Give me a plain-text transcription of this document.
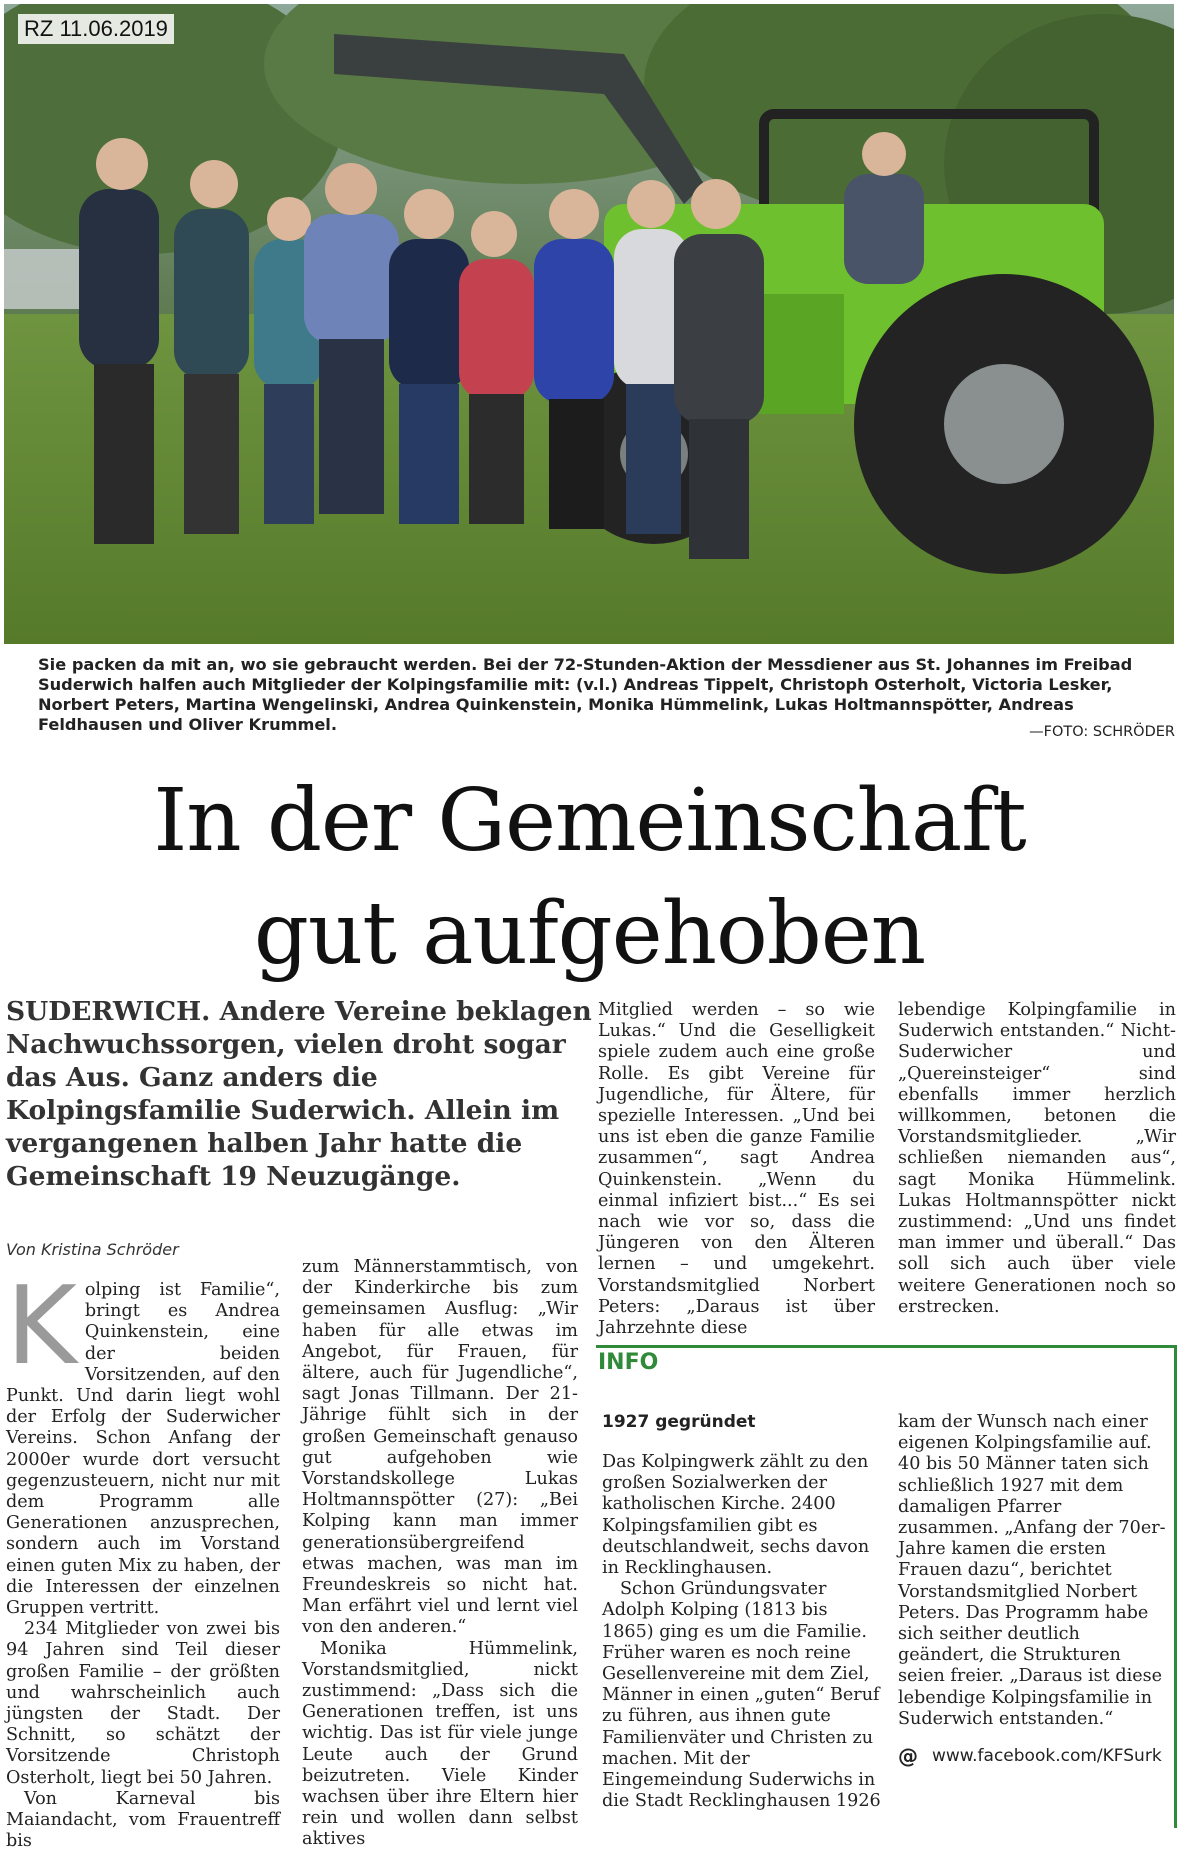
RZ 11.06.2019
Sie packen da mit an, wo sie gebraucht werden. Bei der 72-Stunden-Aktion der Messdiener aus St. Johannes im Freibad Suderwich halfen auch Mitglieder der Kolpingsfamilie mit: (v.l.) Andreas Tippelt, Christoph Osterholt, Victoria Lesker, Norbert Peters, Martina Wengelinski, Andrea Quinkenstein, Monika Hümmelink, Lukas Holtmannspötter, Andreas Feldhausen und Oliver Krummel.	—FOTO: SCHRÖDER
In der Gemeinschaft
gut aufgehoben
SUDERWICH. Andere Vereine beklagen Nachwuchssorgen, vielen droht sogar das Aus. Ganz anders die Kolpingsfamilie Suderwich. Allein im vergangenen halben Jahr hatte die Gemeinschaft 19 Neuzugänge.
Von Kristina Schröder

Kolping ist Familie“, bringt es Andrea Quinkenstein, eine der beiden Vorsitzenden, auf den Punkt. Und darin liegt wohl der Erfolg der Suderwicher Vereins. Schon Anfang der 2000er wurde dort versucht gegenzusteuern, nicht nur mit dem Programm alle Generationen anzusprechen, sondern auch im Vorstand einen guten Mix zu haben, der die Interessen der einzelnen Gruppen vertritt.

234 Mitglieder von zwei bis 94 Jahren sind Teil dieser großen Familie – der größten und wahrscheinlich auch jüngsten der Stadt. Der Schnitt, so schätzt der Vorsitzende Christoph Osterholt, liegt bei 50 Jahren.

Von Karneval bis Maiandacht, vom Frauentreff bis

zum Männerstammtisch, von der Kinderkirche bis zum gemeinsamen Ausflug: „Wir haben für alle etwas im Angebot, für Frauen, für ältere, auch für Jugendliche“, sagt Jonas Tillmann. Der 21-Jährige fühlt sich in der großen Gemeinschaft genauso gut aufgehoben wie Vorstandskollege Lukas Holtmannspötter (27): „Bei Kolping kann man immer generationsübergreifend etwas machen, was man im Freundeskreis so nicht hat. Man erfährt viel und lernt viel von den anderen.“

Monika Hümmelink, Vorstandsmitglied, nickt zustimmend: „Dass sich die Generationen treffen, ist uns wichtig. Das ist für viele junge Leute auch der Grund beizutreten. Viele Kinder wachsen über ihre Eltern hier rein und wollen dann selbst aktives

Mitglied werden – so wie Lukas.“ Und die Geselligkeit spiele zudem auch eine große Rolle. Es gibt Vereine für Jugendliche, für Ältere, für spezielle Interessen. „Und bei uns ist eben die ganze Familie zusammen“, sagt Andrea Quinkenstein. „Wenn du einmal infiziert bist...“ Es sei nach wie vor so, dass die Jüngeren von den Älteren lernen – und umgekehrt. Vorstandsmitglied Norbert Peters: „Daraus ist über Jahrzehnte diese

lebendige Kolpingfamilie in Suderwich entstanden.“ Nicht-Suderwicher und „Quereinsteiger“ sind ebenfalls immer herzlich willkommen, betonen die Vorstandsmitglieder. „Wir schließen niemanden aus“, sagt Monika Hümmelink. Lukas Holtmannspötter nickt zustimmend: „Und uns findet man immer und überall.“ Das soll sich auch über viele weitere Generationen noch so erstrecken.

INFO
1927 gegründet

Das Kolpingwerk zählt zu den großen Sozialwerken der katholischen Kirche. 2400 Kolpingsfamilien gibt es deutschlandweit, sechs davon in Recklinghausen.

Schon Gründungsvater Adolph Kolping (1813 bis 1865) ging es um die Familie. Früher waren es noch reine Gesellenvereine mit dem Ziel, Männer in einen „guten“ Beruf zu führen, aus ihnen gute Familienväter und Christen zu machen. Mit der Eingemeindung Suderwichs in die Stadt Recklinghausen 1926

kam der Wunsch nach einer eigenen Kolpingsfamilie auf. 40 bis 50 Männer taten sich schließlich 1927 mit dem damaligen Pfarrer zusammen. „Anfang der 70er-Jahre kamen die ersten Frauen dazu“, berichtet Vorstandsmitglied Norbert Peters. Das Programm habe sich seither deutlich geändert, die Strukturen seien freier. „Daraus ist diese lebendige Kolpingsfamilie in Suderwich entstanden.“

@ www.facebook.com/KFSurk
